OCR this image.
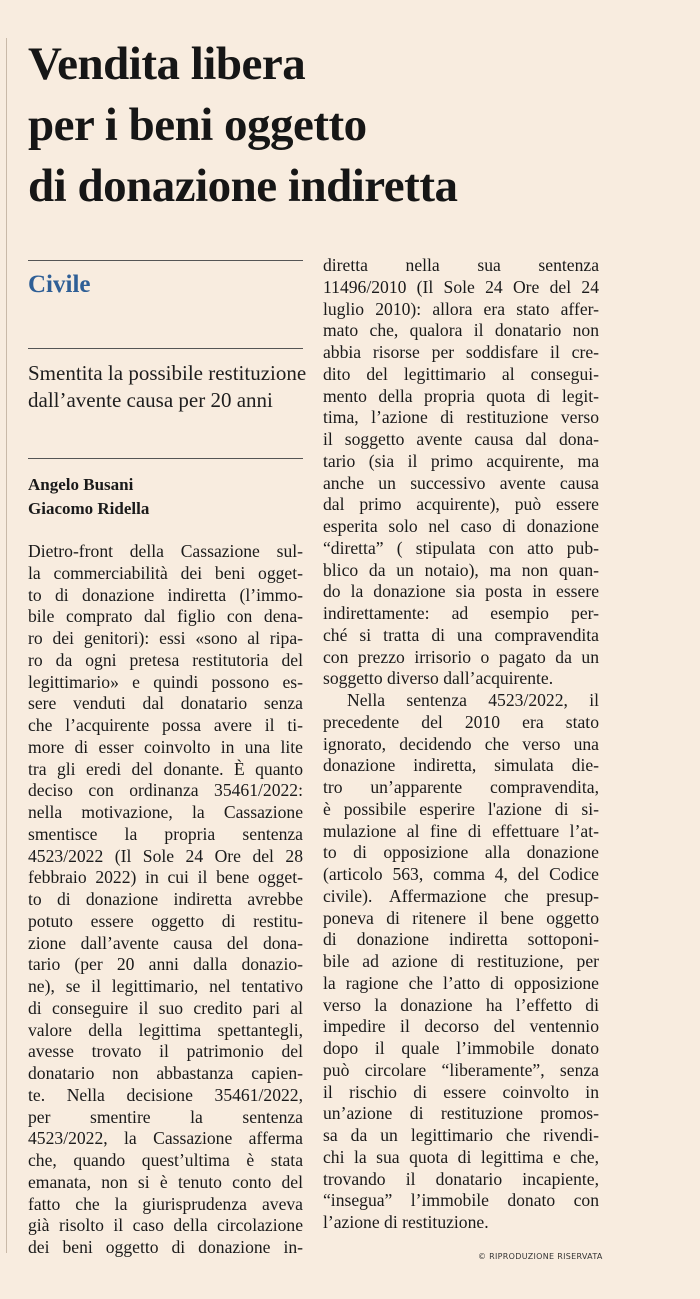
Vendita libera
per i beni oggetto
di donazione indiretta
Civile
Smentita la possibile restituzione dall’avente causa per 20 anni
Angelo Busani
Giacomo Ridella
Dietro-front della Cassazione sul-
la commerciabilità dei beni ogget-
to di donazione indiretta (l’immo-
bile comprato dal figlio con dena-
ro dei genitori): essi «sono al ripa-
ro da ogni pretesa restitutoria del
legittimario» e quindi possono es-
sere venduti dal donatario senza
che l’acquirente possa avere il ti-
more di esser coinvolto in una lite
tra gli eredi del donante. È quanto
deciso con ordinanza 35461/2022:
nella motivazione, la Cassazione
smentisce la propria sentenza
4523/2022 (Il Sole 24 Ore del 28
febbraio 2022) in cui il bene ogget-
to di donazione indiretta avrebbe
potuto essere oggetto di restitu-
zione dall’avente causa del dona-
tario (per 20 anni dalla donazio-
ne), se il legittimario, nel tentativo
di conseguire il suo credito pari al
valore della legittima spettantegli,
avesse trovato il patrimonio del
donatario non abbastanza capien-
te. Nella decisione 35461/2022,
per smentire la sentenza
4523/2022, la Cassazione afferma
che, quando quest’ultima è stata
emanata, non si è tenuto conto del
fatto che la giurisprudenza aveva
già risolto il caso della circolazione
dei beni oggetto di donazione in-
diretta nella sua sentenza
11496/2010 (Il Sole 24 Ore del 24
luglio 2010): allora era stato affer-
mato che, qualora il donatario non
abbia risorse per soddisfare il cre-
dito del legittimario al consegui-
mento della propria quota di legit-
tima, l’azione di restituzione verso
il soggetto avente causa dal dona-
tario (sia il primo acquirente, ma
anche un successivo avente causa
dal primo acquirente), può essere
esperita solo nel caso di donazione
“diretta” ( stipulata con atto pub-
blico da un notaio), ma non quan-
do la donazione sia posta in essere
indirettamente: ad esempio per-
ché si tratta di una compravendita
con prezzo irrisorio o pagato da un
soggetto diverso dall’acquirente.
Nella sentenza 4523/2022, il
precedente del 2010 era stato
ignorato, decidendo che verso una
donazione indiretta, simulata die-
tro un’apparente compravendita,
è possibile esperire l'azione di si-
mulazione al fine di effettuare l’at-
to di opposizione alla donazione
(articolo 563, comma 4, del Codice
civile). Affermazione che presup-
poneva di ritenere il bene oggetto
di donazione indiretta sottoponi-
bile ad azione di restituzione, per
la ragione che l’atto di opposizione
verso la donazione ha l’effetto di
impedire il decorso del ventennio
dopo il quale l’immobile donato
può circolare “liberamente”, senza
il rischio di essere coinvolto in
un’azione di restituzione promos-
sa da un legittimario che rivendi-
chi la sua quota di legittima e che,
trovando il donatario incapiente,
“insegua” l’immobile donato con
l’azione di restituzione.
© RIPRODUZIONE RISERVATA
